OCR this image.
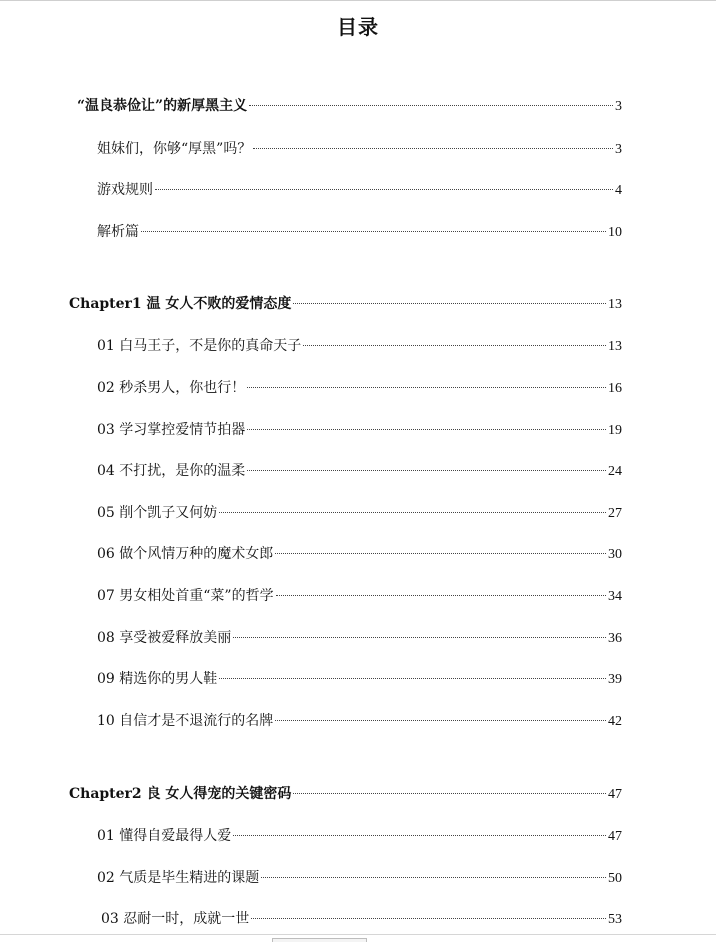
目录
“温良恭俭让”的新厚黑主义	3
姐妹们，你够“厚黑”吗？	3
游戏规则	4
解析篇	10
Chapter1 温 女人不败的爱情态度	13
01 白马王子，不是你的真命天子	13
02 秒杀男人，你也行！	16
03 学习掌控爱情节拍器	19
04 不打扰，是你的温柔	24
05 削个凯子又何妨	27
06 做个风情万种的魔术女郎	30
07 男女相处首重“菜”的哲学	34
08 享受被爱释放美丽	36
09 精选你的男人鞋	39
10 自信才是不退流行的名牌	42
Chapter2 良 女人得宠的关键密码	47
01 懂得自爱最得人爱	47
02 气质是毕生精进的课题	50
03 忍耐一时，成就一世	53
